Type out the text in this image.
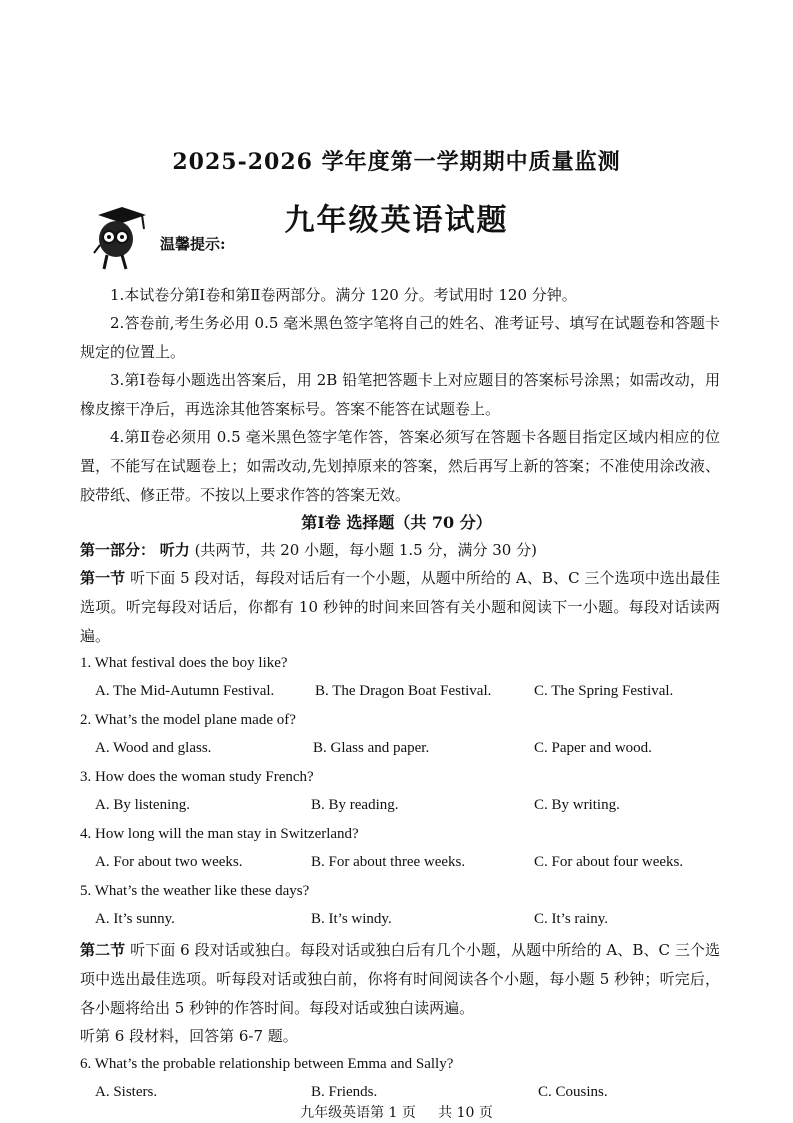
2025-2026 学年度第一学期期中质量监测
九年级英语试题
温馨提示:
1.本试卷分第Ⅰ卷和第Ⅱ卷两部分。满分 120 分。考试用时 120 分钟。
2.答卷前,考生务必用 0.5 毫米黑色签字笔将自己的姓名、准考证号、填写在试题卷和答题卡规定的位置上。
3.第Ⅰ卷每小题选出答案后，用 2B 铅笔把答题卡上对应题目的答案标号涂黑；如需改动，用橡皮擦干净后，再选涂其他答案标号。答案不能答在试题卷上。
4.第Ⅱ卷必须用 0.5 毫米黑色签字笔作答，答案必须写在答题卡各题目指定区域内相应的位置，不能写在试题卷上；如需改动,先划掉原来的答案，然后再写上新的答案；不准使用涂改液、胶带纸、修正带。不按以上要求作答的答案无效。
第Ⅰ卷 选择题（共 70 分）
第一部分： 听力 (共两节，共 20 小题，每小题 1.5 分，满分 30 分)
第一节 听下面 5 段对话，每段对话后有一个小题，从题中所给的 A、B、C 三个选项中选出最佳选项。听完每段对话后，你都有 10 秒钟的时间来回答有关小题和阅读下一小题。每段对话读两遍。
1. What festival does the boy like?
A. The Mid-Autumn Festival.	B. The Dragon Boat Festival.	C. The Spring Festival.
2. What’s the model plane made of?
A. Wood and glass.	B. Glass and paper.	C. Paper and wood.
3. How does the woman study French?
A. By listening.	B. By reading.	C. By writing.
4. How long will the man stay in Switzerland?
A. For about two weeks.	B. For about three weeks.	C. For about four weeks.
5. What’s the weather like these days?
A. It’s sunny.	B. It’s windy.	C. It’s rainy.
第二节 听下面 6 段对话或独白。每段对话或独白后有几个小题，从题中所给的 A、B、C 三个选项中选出最佳选项。听每段对话或独白前，你将有时间阅读各个小题，每小题 5 秒钟；听完后，各小题将给出 5 秒钟的作答时间。每段对话或独白读两遍。
听第 6 段材料，回答第 6-7 题。
6. What’s the probable relationship between Emma and Sally?
A. Sisters.	B. Friends.	C. Cousins.
九年级英语第 1 页 共 10 页
